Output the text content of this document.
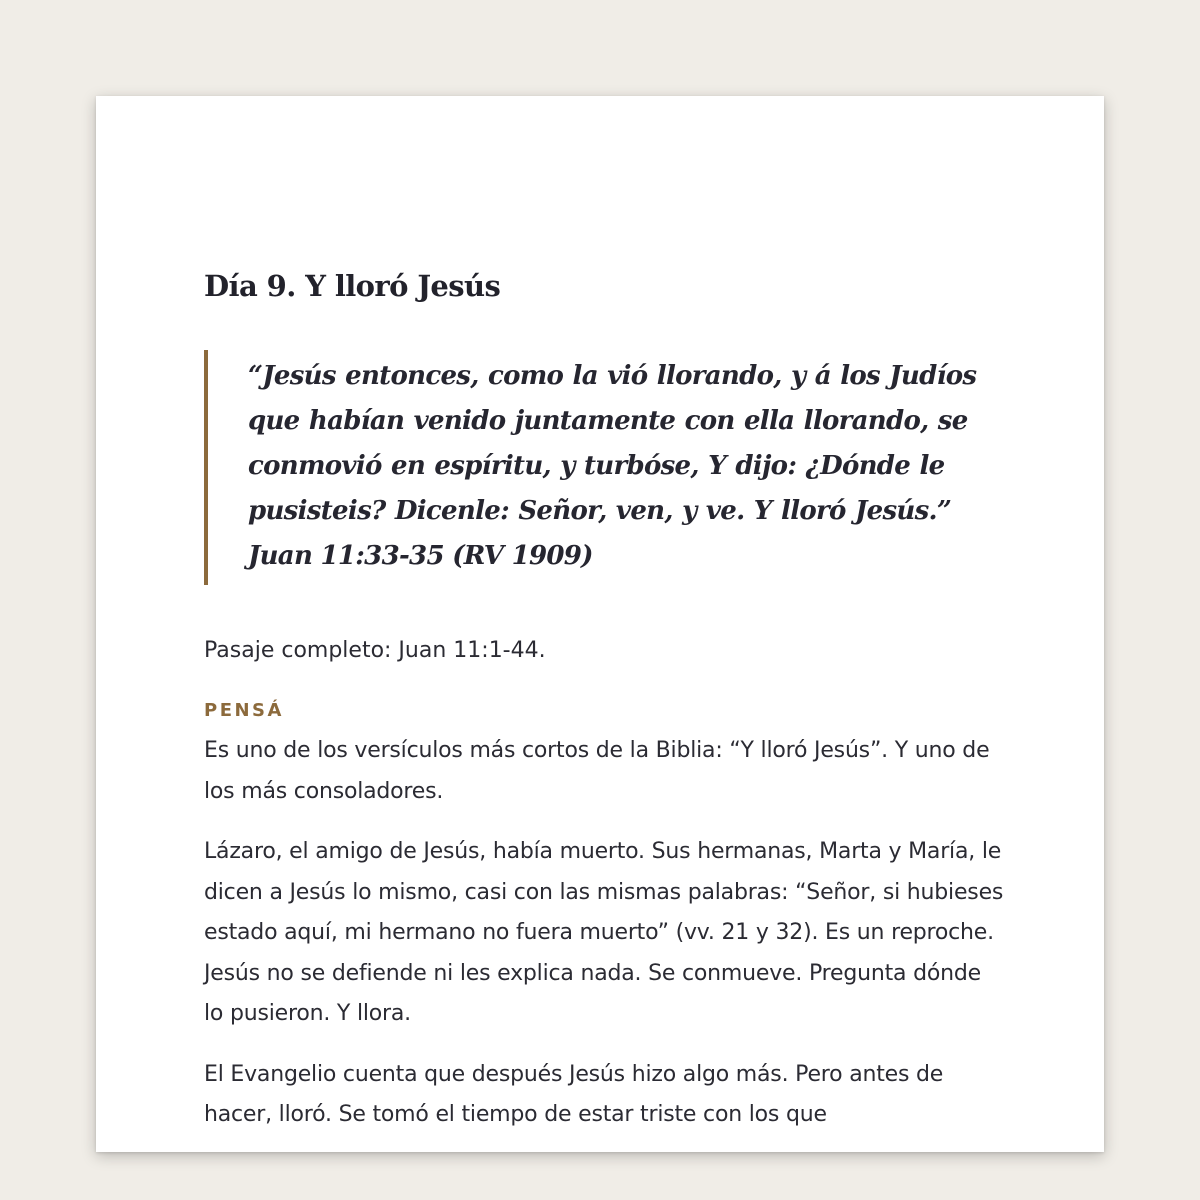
Día 9. Y lloró Jesús
“Jesús entonces, como la vió llorando, y á los Judíos que habían venido juntamente con ella llorando, se conmovió en espíritu, y turbóse, Y dijo: ¿Dónde le pusisteis? Dicenle: Señor, ven, y ve. Y lloró Jesús.”
Juan 11:33-35 (RV 1909)

Pasaje completo: Juan 11:1-44.

PENSÁ

Es uno de los versículos más cortos de la Biblia: “Y lloró Jesús”. Y uno de los más consoladores.

Lázaro, el amigo de Jesús, había muerto. Sus hermanas, Marta y María, le dicen a Jesús lo mismo, casi con las mismas palabras: “Señor, si hubieses estado aquí, mi hermano no fuera muerto” (vv. 21 y 32). Es un reproche. Jesús no se defiende ni les explica nada. Se conmueve. Pregunta dónde lo pusieron. Y llora.

El Evangelio cuenta que después Jesús hizo algo más. Pero antes de hacer, lloró. Se tomó el tiempo de estar triste con los que
